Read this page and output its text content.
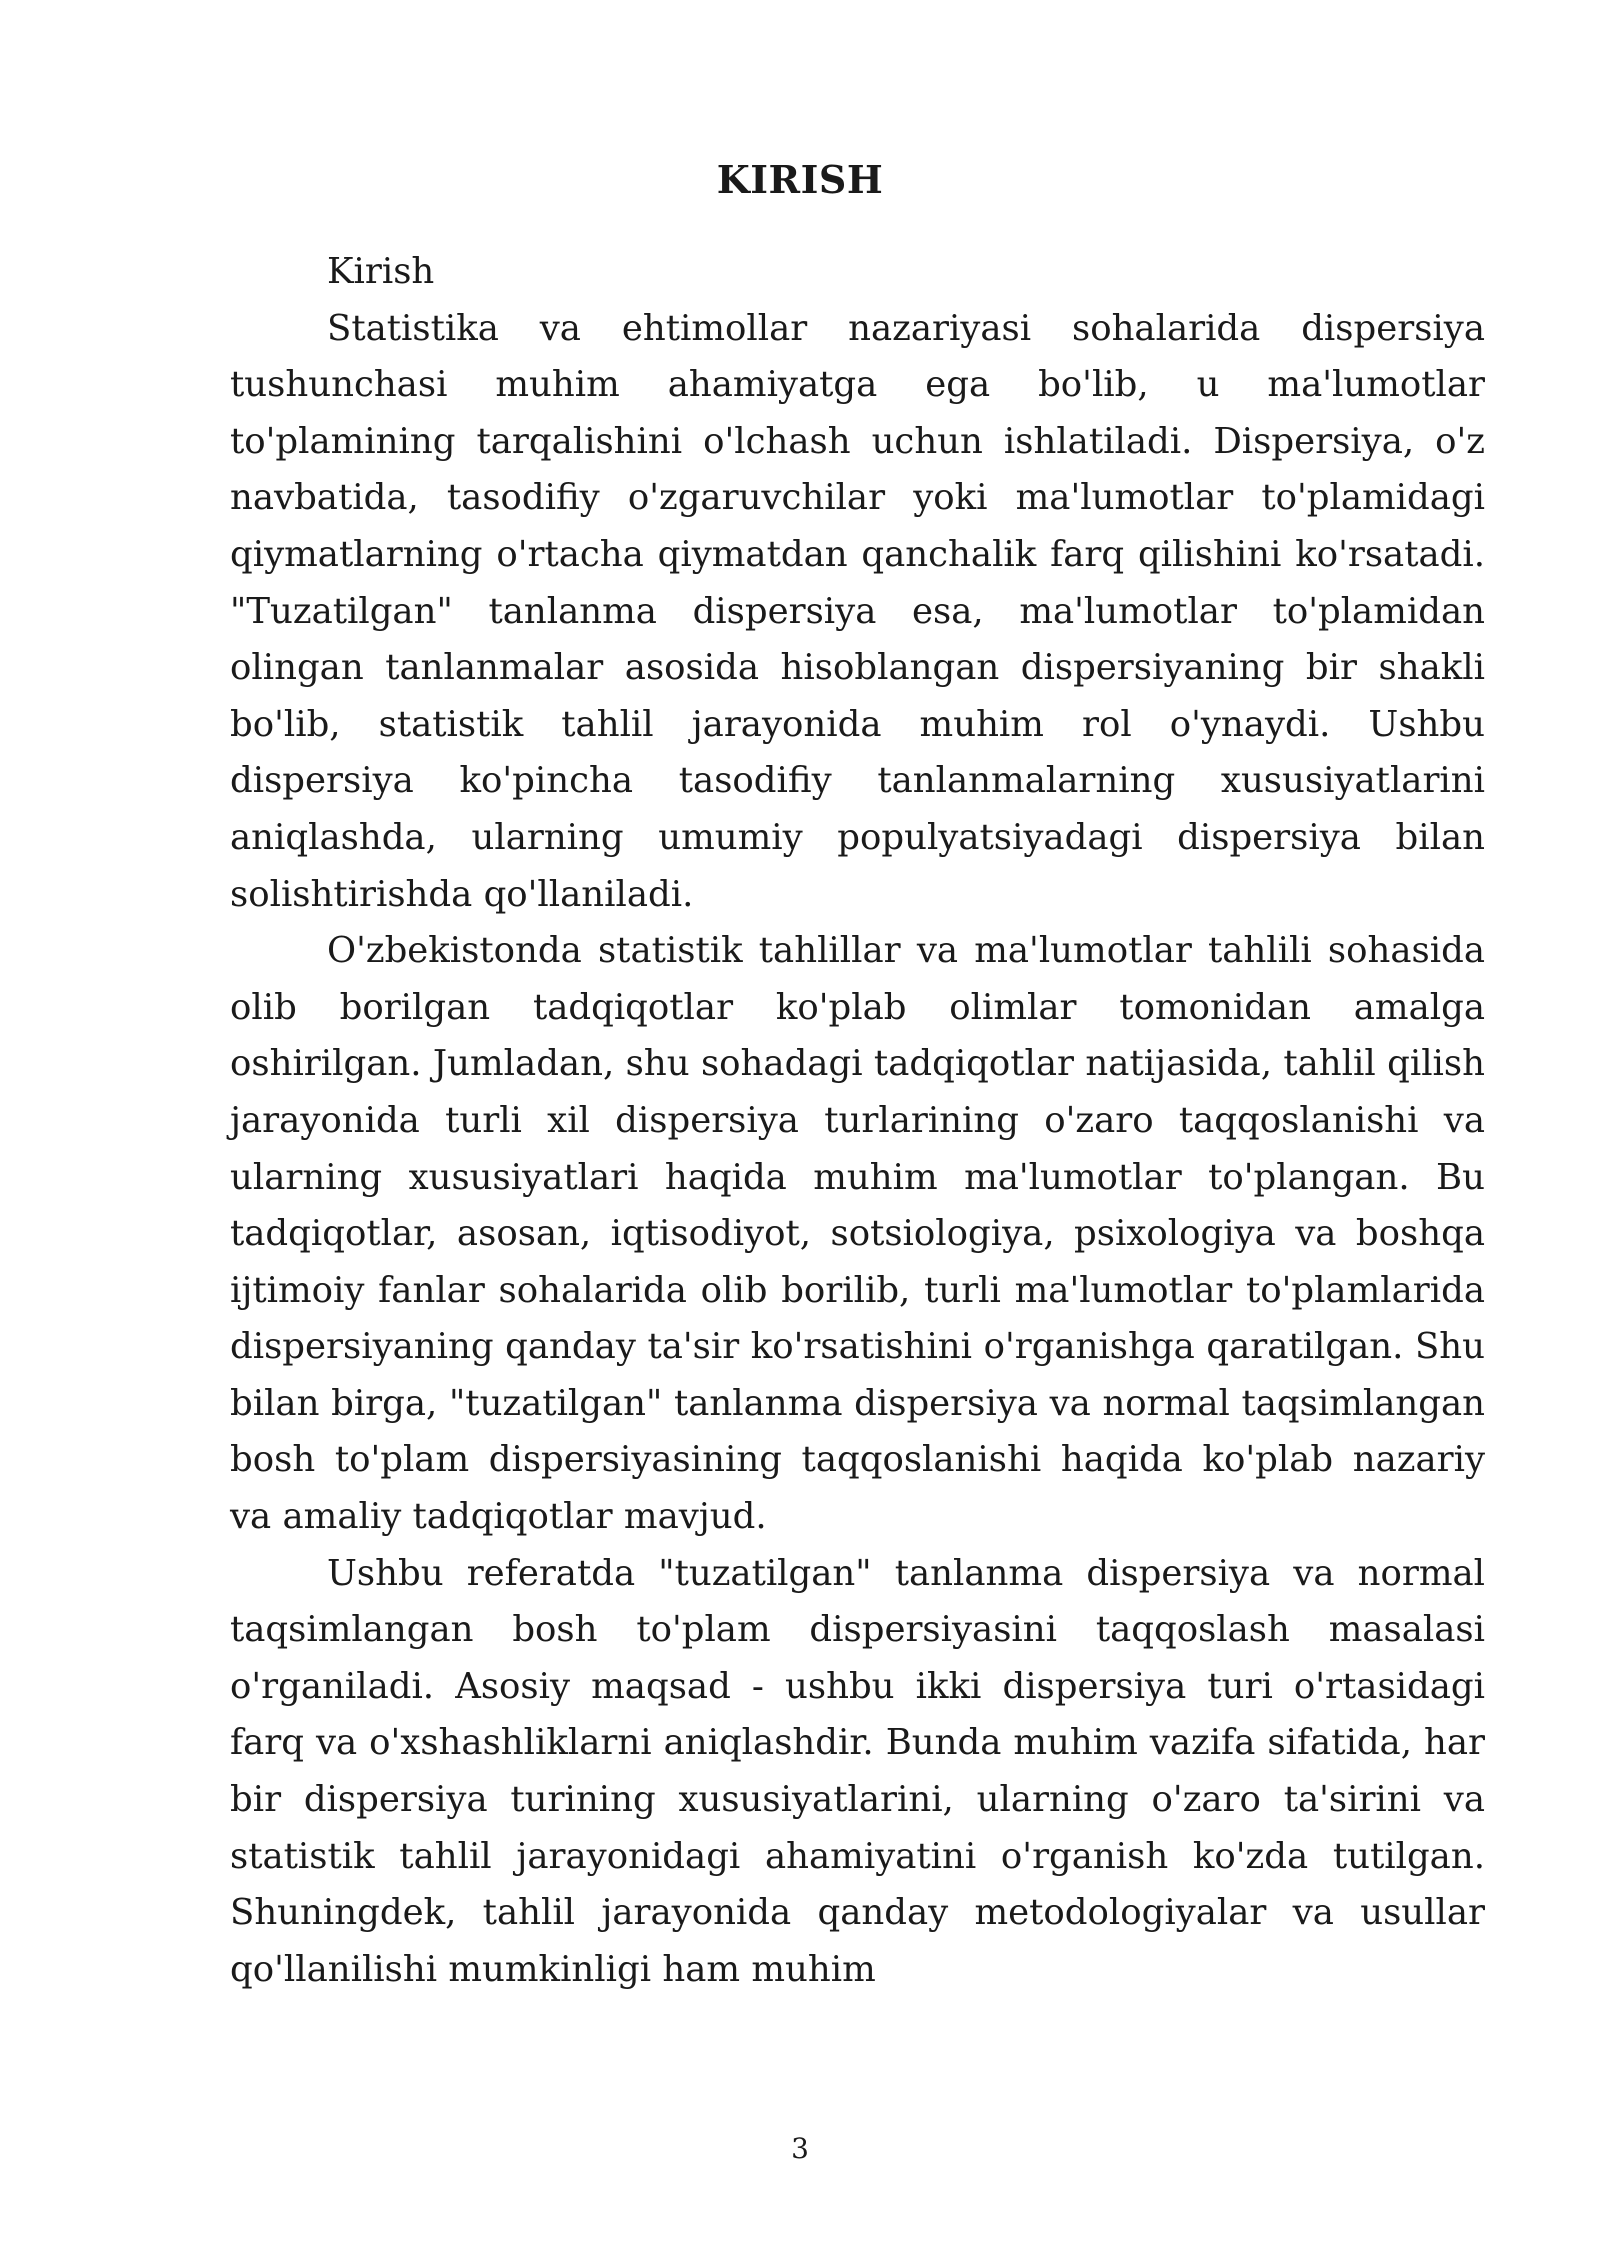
KIRISH

Kirish

Statistika va ehtimollar nazariyasi sohalarida dispersiya tushunchasi muhim ahamiyatga ega bo'lib, u ma'lumotlar to'plamining tarqalishini o'lchash uchun ishlatiladi. Dispersiya, o'z navbatida, tasodifiy o'zgaruvchilar yoki ma'lumotlar to'plamidagi qiymatlarning o'rtacha qiymatdan qanchalik farq qilishini ko'rsatadi. "Tuzatilgan" tanlanma dispersiya esa, ma'lumotlar to'plamidan olingan tanlanmalar asosida hisoblangan dispersiyaning bir shakli bo'lib, statistik tahlil jarayonida muhim rol o'ynaydi. Ushbu dispersiya ko'pincha tasodifiy tanlanmalarning xususiyatlarini aniqlashda, ularning umumiy populyatsiyadagi dispersiya bilan solishtirishda qo'llaniladi.

O'zbekistonda statistik tahlillar va ma'lumotlar tahlili sohasida olib borilgan tadqiqotlar ko'plab olimlar tomonidan amalga oshirilgan. Jumladan, shu sohadagi tadqiqotlar natijasida, tahlil qilish jarayonida turli xil dispersiya turlarining o'zaro taqqoslanishi va ularning xususiyatlari haqida muhim ma'lumotlar to'plangan. Bu tadqiqotlar, asosan, iqtisodiyot, sotsiologiya, psixologiya va boshqa ijtimoiy fanlar sohalarida olib borilib, turli ma'lumotlar to'plamlarida dispersiyaning qanday ta'sir ko'rsatishini o'rganishga qaratilgan. Shu bilan birga, "tuzatilgan" tanlanma dispersiya va normal taqsimlangan bosh to'plam dispersiyasining taqqoslanishi haqida ko'plab nazariy va amaliy tadqiqotlar mavjud.

Ushbu referatda "tuzatilgan" tanlanma dispersiya va normal taqsimlangan bosh to'plam dispersiyasini taqqoslash masalasi o'rganiladi. Asosiy maqsad - ushbu ikki dispersiya turi o'rtasidagi farq va o'xshashliklarni aniqlashdir. Bunda muhim vazifa sifatida, har bir dispersiya turining xususiyatlarini, ularning o'zaro ta'sirini va statistik tahlil jarayonidagi ahamiyatini o'rganish ko'zda tutilgan. Shuningdek, tahlil jarayonida qanday metodologiyalar va usullar qo'llanilishi mumkinligi ham muhim

3
